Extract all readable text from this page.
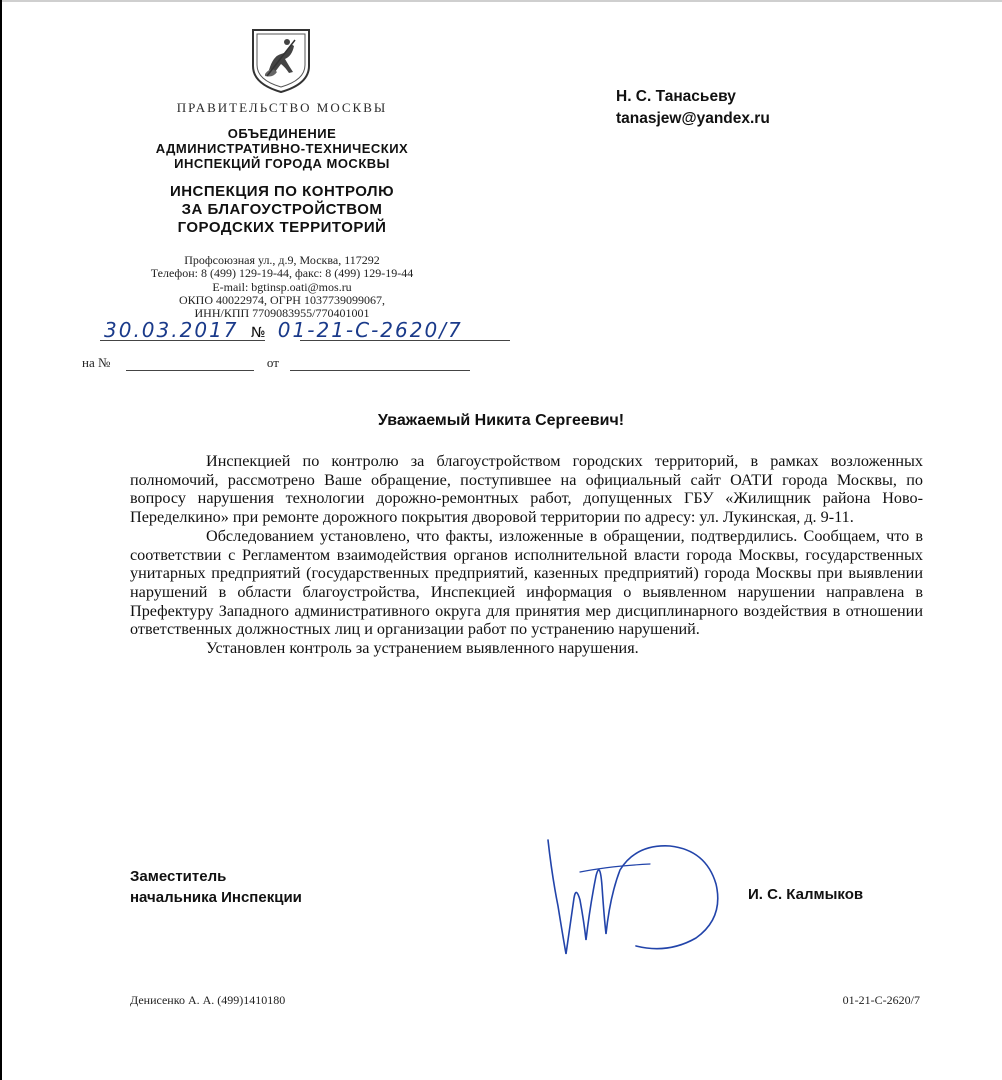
ПРАВИТЕЛЬСТВО МОСКВЫ
ОБЪЕДИНЕНИЕ
АДМИНИСТРАТИВНО-ТЕХНИЧЕСКИХ
ИНСПЕКЦИЙ ГОРОДА МОСКВЫ
ИНСПЕКЦИЯ ПО КОНТРОЛЮ
ЗА БЛАГОУСТРОЙСТВОМ
ГОРОДСКИХ ТЕРРИТОРИЙ
Профсоюзная ул., д.9, Москва, 117292
Телефон: 8 (499) 129-19-44, факс: 8 (499) 129-19-44
E-mail: bgtinsp.oati@mos.ru
ОКПО 40022974, ОГРН 1037739099067,
ИНН/КПП 7709083955/770401001
Н. С. Танасьеву
tanasjew@yandex.ru
30.03.2017 № 01-21-С-2620/7
на №	от
Уважаемый Никита Сергеевич!

Инспекцией по контролю за благоустройством городских территорий, в рамках возложенных полномочий, рассмотрено Ваше обращение, поступившее на официальный сайт ОАТИ города Москвы, по вопросу нарушения технологии дорожно-ремонтных работ, допущенных ГБУ «Жилищник района Ново-Переделкино» при ремонте дорожного покрытия дворовой территории по адресу: ул. Лукинская, д. 9-11.

Обследованием установлено, что факты, изложенные в обращении, подтвердились. Сообщаем, что в соответствии с Регламентом взаимодействия органов исполнительной власти города Москвы, государственных унитарных предприятий (государственных предприятий, казенных предприятий) города Москвы при выявлении нарушений в области благоустройства, Инспекцией информация о выявленном нарушении направлена в Префектуру Западного административного округа для принятия мер дисциплинарного воздействия в отношении ответственных должностных лиц и организации работ по устранению нарушений.

Установлен контроль за устранением выявленного нарушения.

Заместитель
начальника Инспекции	И. С. Калмыков
Денисенко А. А. (499)1410180	01-21-С-2620/7
